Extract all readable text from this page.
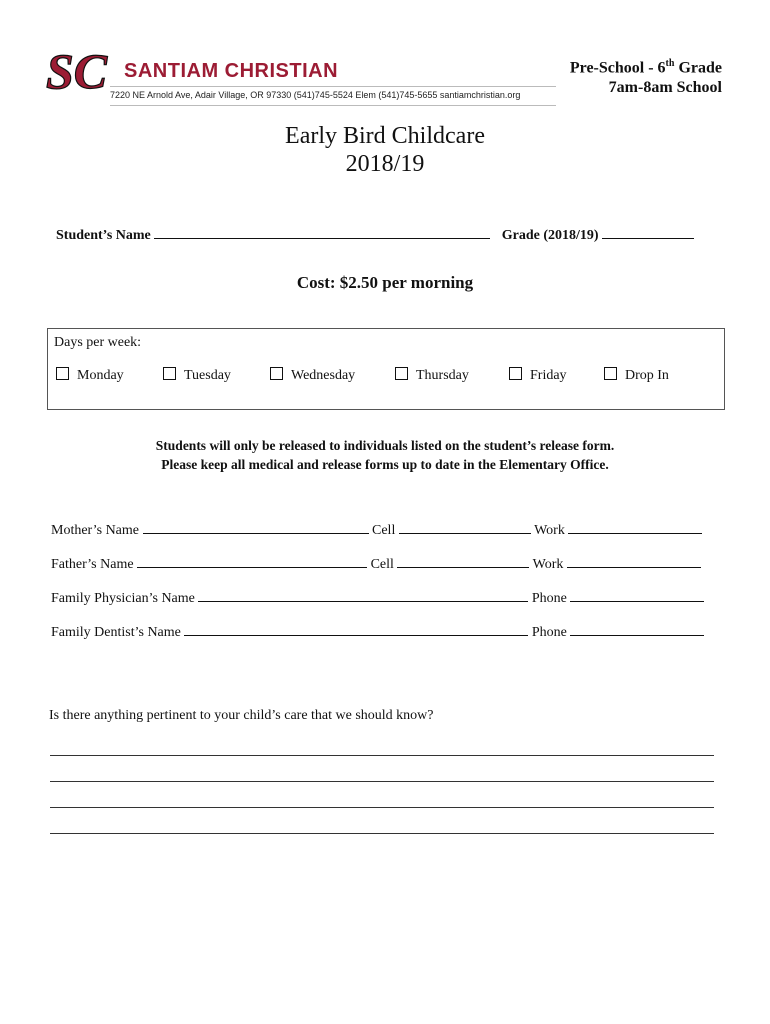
SC SANTIAM CHRISTIAN
7220 NE Arnold Ave, Adair Village, OR 97330 (541)745-5524 Elem (541)745-5655 santiamchristian.org
Pre-School - 6th Grade
7am-8am School
Early Bird Childcare
2018/19
Student’s Name	Grade (2018/19)
Cost: $2.50 per morning
Days per week:
Monday	Tuesday	Wednesday	Thursday	Friday	Drop In
Students will only be released to individuals listed on the student’s release form.
Please keep all medical and release forms up to date in the Elementary Office.
Mother’s Name	Cell	Work
Father’s Name	Cell	Work
Family Physician’s Name	Phone
Family Dentist’s Name	Phone
Is there anything pertinent to your child’s care that we should know?
